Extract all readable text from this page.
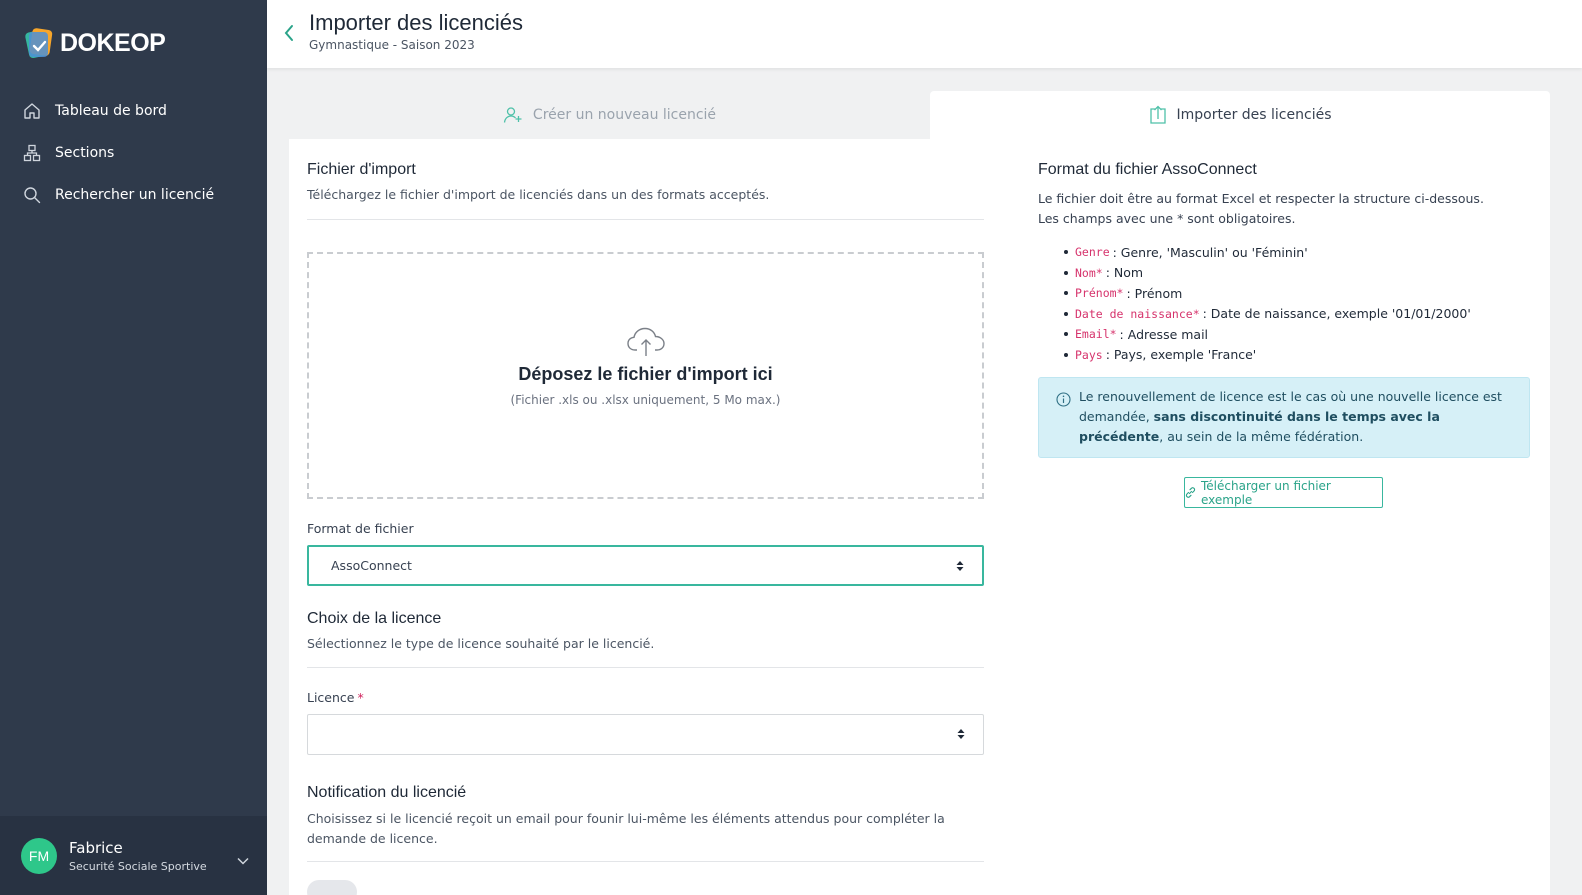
DOKEOP
Tableau de bord
Sections
Rechercher un licencié
FM	Fabrice
Securité Sociale Sportive
Importer des licenciés
Gymnastique - Saison 2023
Créer un nouveau licencié	Importer des licenciés
Fichier d'import
Téléchargez le fichier d'import de licenciés dans un des formats acceptés.
Déposez le fichier d'import ici
(Fichier .xls ou .xlsx uniquement, 5 Mo max.)
Format de fichier
AssoConnect
Choix de la licence
Sélectionnez le type de licence souhaité par le licencié.
Licence *
Notification du licencié
Choisissez si le licencié reçoit un email pour founir lui-même les éléments attendus pour compléter la demande de licence.
Format du fichier AssoConnect
Le fichier doit être au format Excel et respecter la structure ci-dessous. Les champs avec une * sont obligatoires.
Genre : Genre, 'Masculin' ou 'Féminin'
Nom* : Nom
Prénom* : Prénom
Date de naissance* : Date de naissance, exemple '01/01/2000'
Email* : Adresse mail
Pays : Pays, exemple 'France'
Le renouvellement de licence est le cas où une nouvelle licence est demandée, sans discontinuité dans le temps avec la précédente, au sein de la même fédération.
Télécharger un fichier exemple
